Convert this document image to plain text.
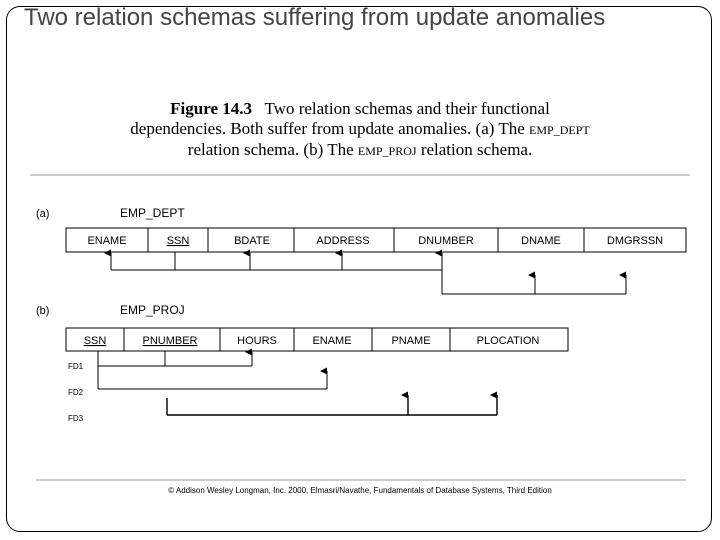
Two relation schemas suffering from update anomalies
Figure 14.3 Two relation schemas and their functional
dependencies. Both suffer from update anomalies. (a) The EMP_DEPT
relation schema. (b) The EMP_PROJ relation schema.
(a)	EMP_DEPT
ENAME	SSN	BDATE	ADDRESS	DNUMBER	DNAME	DMGRSSN
(b)	EMP_PROJ
SSN	PNUMBER	HOURS	ENAME	PNAME	PLOCATION
FD1
FD2
FD3
© Addison Wesley Longman, Inc. 2000, Elmasri/Navathe, Fundamentals of Database Systems, Third Edition
